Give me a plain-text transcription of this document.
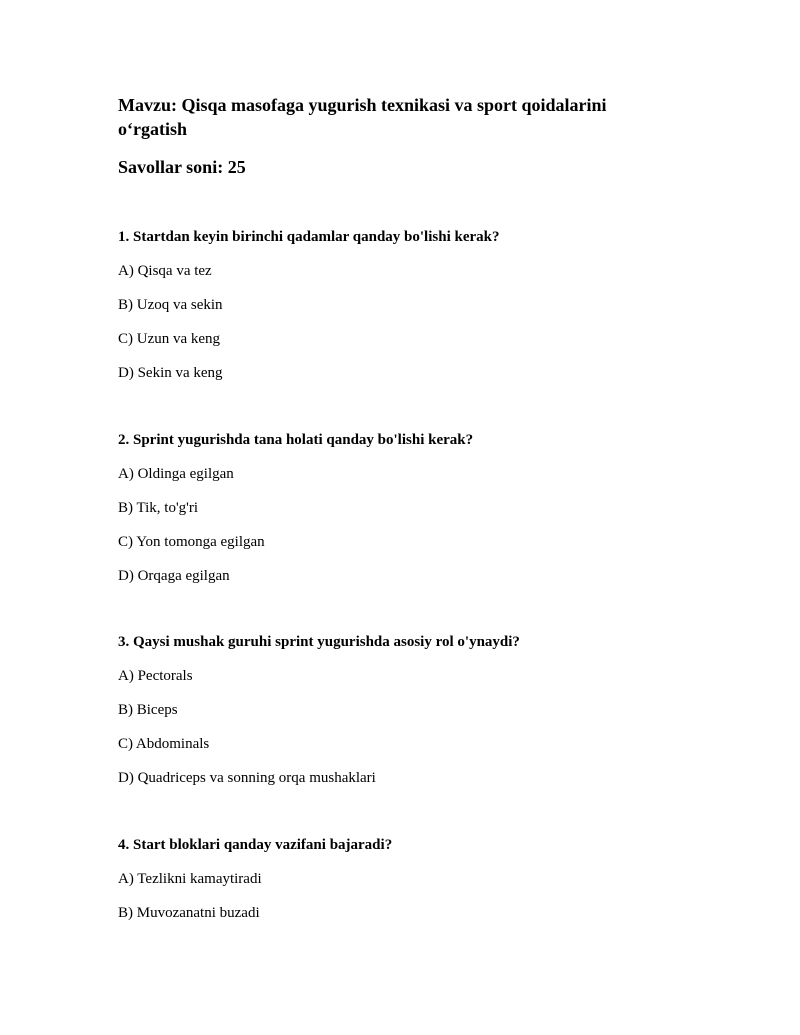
Mavzu: Qisqa masofaga yugurish texnikasi va sport qoidalarini o‘rgatish
Savollar soni: 25

1. Startdan keyin birinchi qadamlar qanday bo'lishi kerak?

A) Qisqa va tez

B) Uzoq va sekin

C) Uzun va keng

D) Sekin va keng

2. Sprint yugurishda tana holati qanday bo'lishi kerak?

A) Oldinga egilgan

B) Tik, to'g'ri

C) Yon tomonga egilgan

D) Orqaga egilgan

3. Qaysi mushak guruhi sprint yugurishda asosiy rol o'ynaydi?

A) Pectorals

B) Biceps

C) Abdominals

D) Quadriceps va sonning orqa mushaklari

4. Start bloklari qanday vazifani bajaradi?

A) Tezlikni kamaytiradi

B) Muvozanatni buzadi
